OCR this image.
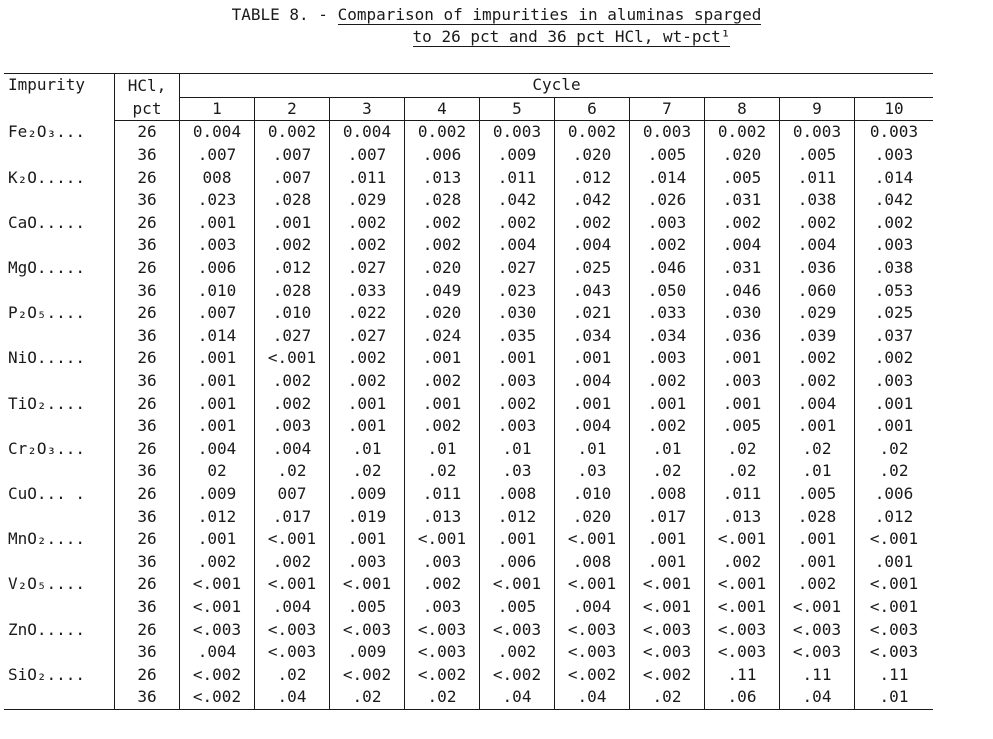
TABLE 8. - Comparison of impurities in aluminas sparged
to 26 pct and 36 pct HCl, wt-pct¹
Impurity	HCl,	Cycle									
	pct	1	2	3	4	5	6	7	8	9	10
Fe₂O₃...	26	0.004	0.002	0.004	0.002	0.003	0.002	0.003	0.002	0.003	0.003
	36	.007	.007	.007	.006	.009	.020	.005	.020	.005	.003
K₂O.....	26	008	.007	.011	.013	.011	.012	.014	.005	.011	.014
	36	.023	.028	.029	.028	.042	.042	.026	.031	.038	.042
CaO.....	26	.001	.001	.002	.002	.002	.002	.003	.002	.002	.002
	36	.003	.002	.002	.002	.004	.004	.002	.004	.004	.003
MgO.....	26	.006	.012	.027	.020	.027	.025	.046	.031	.036	.038
	36	.010	.028	.033	.049	.023	.043	.050	.046	.060	.053
P₂O₅....	26	.007	.010	.022	.020	.030	.021	.033	.030	.029	.025
	36	.014	.027	.027	.024	.035	.034	.034	.036	.039	.037
NiO.....	26	.001	<.001	.002	.001	.001	.001	.003	.001	.002	.002
	36	.001	.002	.002	.002	.003	.004	.002	.003	.002	.003
TiO₂....	26	.001	.002	.001	.001	.002	.001	.001	.001	.004	.001
	36	.001	.003	.001	.002	.003	.004	.002	.005	.001	.001
Cr₂O₃...	26	.004	.004	.01	.01	.01	.01	.01	.02	.02	.02
	36	02	.02	.02	.02	.03	.03	.02	.02	.01	.02
CuO... .	26	.009	007	.009	.011	.008	.010	.008	.011	.005	.006
	36	.012	.017	.019	.013	.012	.020	.017	.013	.028	.012
MnO₂....	26	.001	<.001	.001	<.001	.001	<.001	.001	<.001	.001	<.001
	36	.002	.002	.003	.003	.006	.008	.001	.002	.001	.001
V₂O₅....	26	<.001	<.001	<.001	.002	<.001	<.001	<.001	<.001	.002	<.001
	36	<.001	.004	.005	.003	.005	.004	<.001	<.001	<.001	<.001
ZnO.....	26	<.003	<.003	<.003	<.003	<.003	<.003	<.003	<.003	<.003	<.003
	36	.004	<.003	.009	<.003	.002	<.003	<.003	<.003	<.003	<.003
SiO₂....	26	<.002	.02	<.002	<.002	<.002	<.002	<.002	.11	.11	.11
	36	<.002	.04	.02	.02	.04	.04	.02	.06	.04	.01
